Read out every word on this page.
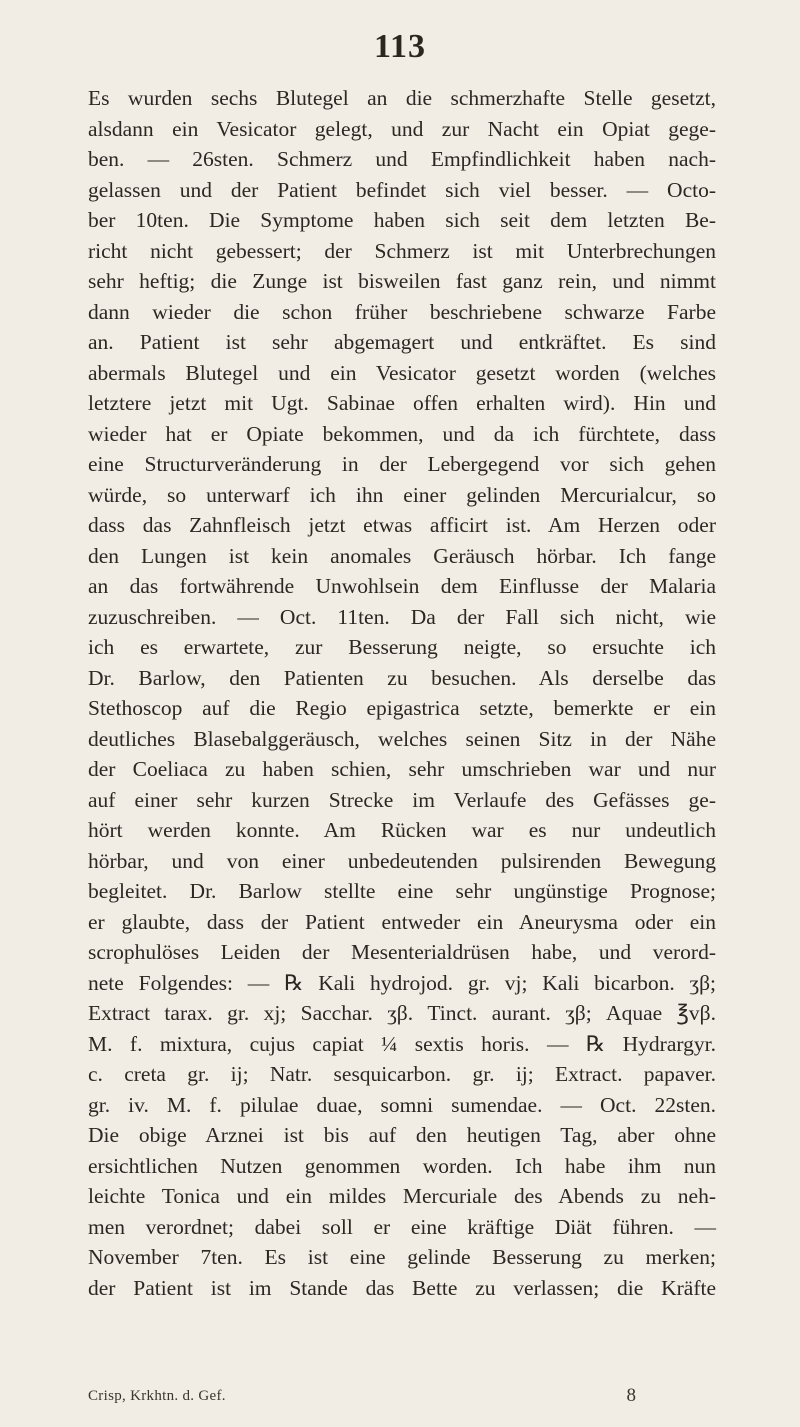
113
Es wurden sechs Blutegel an die schmerzhafte Stelle gesetzt,
alsdann ein Vesicator gelegt, und zur Nacht ein Opiat gege-
ben. — 26sten. Schmerz und Empfindlichkeit haben nach-
gelassen und der Patient befindet sich viel besser. — Octo-
ber 10ten. Die Symptome haben sich seit dem letzten Be-
richt nicht gebessert; der Schmerz ist mit Unterbrechungen
sehr heftig; die Zunge ist bisweilen fast ganz rein, und nimmt
dann wieder die schon früher beschriebene schwarze Farbe
an. Patient ist sehr abgemagert und entkräftet. Es sind
abermals Blutegel und ein Vesicator gesetzt worden (welches
letztere jetzt mit Ugt. Sabinae offen erhalten wird). Hin und
wieder hat er Opiate bekommen, und da ich fürchtete, dass
eine Structurveränderung in der Lebergegend vor sich gehen
würde, so unterwarf ich ihn einer gelinden Mercurialcur, so
dass das Zahnfleisch jetzt etwas afficirt ist. Am Herzen oder
den Lungen ist kein anomales Geräusch hörbar. Ich fange
an das fortwährende Unwohlsein dem Einflusse der Malaria
zuzuschreiben. — Oct. 11ten. Da der Fall sich nicht, wie
ich es erwartete, zur Besserung neigte, so ersuchte ich
Dr. Barlow, den Patienten zu besuchen. Als derselbe das
Stethoscop auf die Regio epigastrica setzte, bemerkte er ein
deutliches Blasebalggeräusch, welches seinen Sitz in der Nähe
der Coeliaca zu haben schien, sehr umschrieben war und nur
auf einer sehr kurzen Strecke im Verlaufe des Gefässes ge-
hört werden konnte. Am Rücken war es nur undeutlich
hörbar, und von einer unbedeutenden pulsirenden Bewegung
begleitet. Dr. Barlow stellte eine sehr ungünstige Prognose;
er glaubte, dass der Patient entweder ein Aneurysma oder ein
scrophulöses Leiden der Mesenterialdrüsen habe, und verord-
nete Folgendes: — ℞ Kali hydrojod. gr. vj; Kali bicarbon. ʒβ;
Extract tarax. gr. xj; Sacchar. ʒβ. Tinct. aurant. ʒβ; Aquae ℥vβ.
M. f. mixtura, cujus capiat ¼ sextis horis. — ℞ Hydrargyr.
c. creta gr. ij; Natr. sesquicarbon. gr. ij; Extract. papaver.
gr. iv. M. f. pilulae duae, somni sumendae. — Oct. 22sten.
Die obige Arznei ist bis auf den heutigen Tag, aber ohne
ersichtlichen Nutzen genommen worden. Ich habe ihm nun
leichte Tonica und ein mildes Mercuriale des Abends zu neh-
men verordnet; dabei soll er eine kräftige Diät führen. —
November 7ten. Es ist eine gelinde Besserung zu merken;
der Patient ist im Stande das Bette zu verlassen; die Kräfte
Crisp, Krkhtn. d. Gef.	8
